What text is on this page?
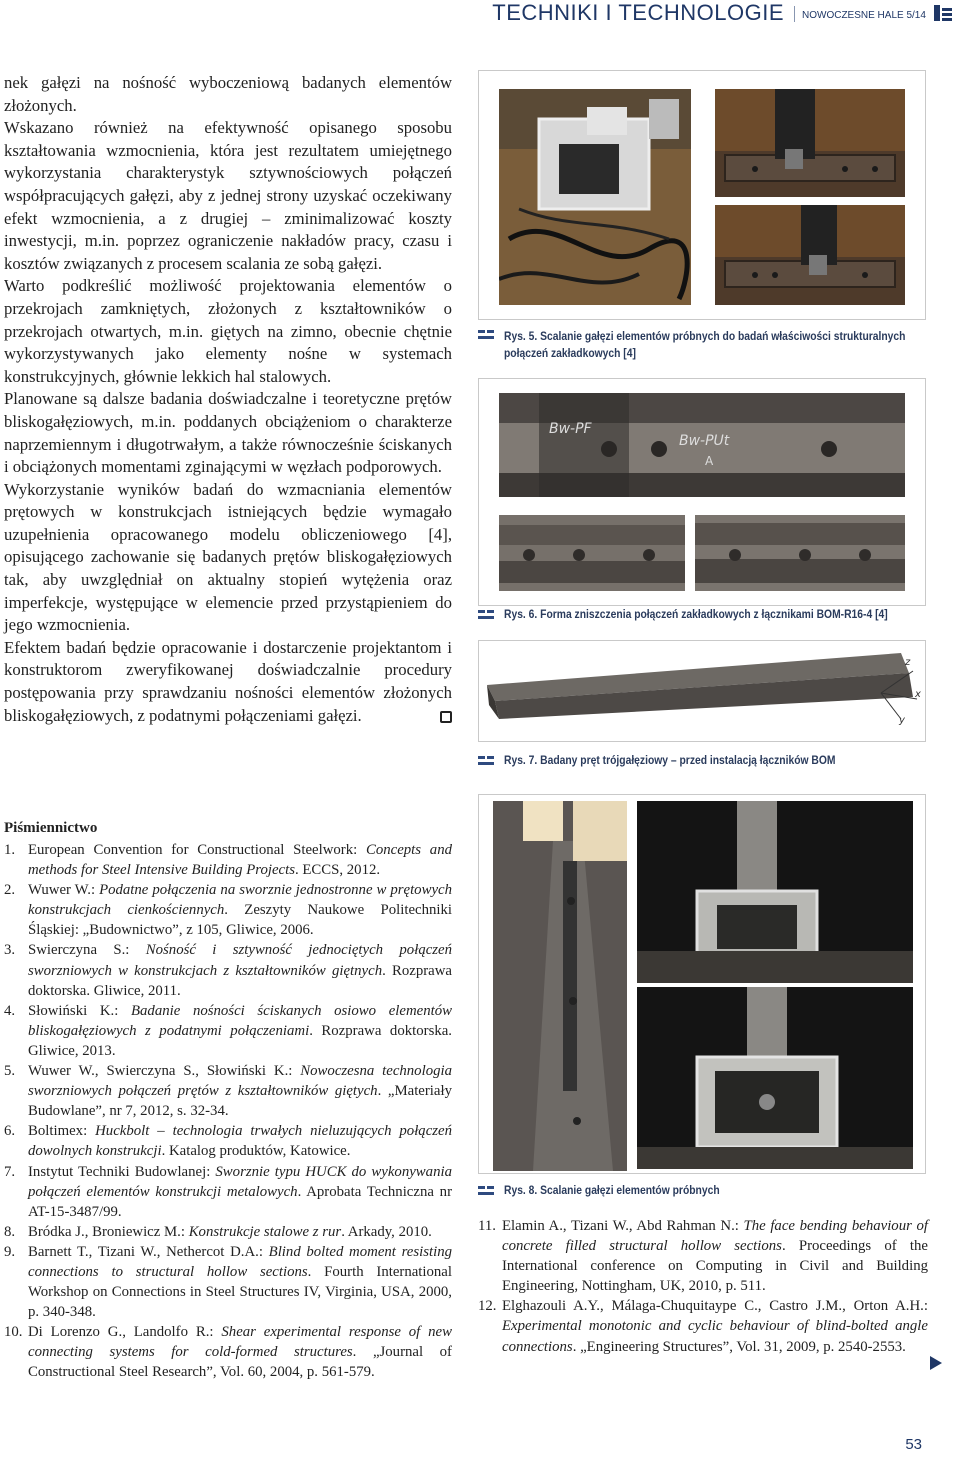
TECHNIKI I TECHNOLOGIE NOWOCZESNE HALE 5/14

nek gałęzi na nośność wyboczeniową badanych elementów złożonych.

Wskazano również na efektywność opisanego sposobu kształtowania wzmocnienia, która jest rezultatem umiejętnego wykorzystania charakterystyk sztywnościowych połączeń współpracujących gałęzi, aby z jednej strony uzyskać oczekiwany efekt wzmocnienia, a z drugiej – zminimalizować koszty inwestycji, m.in. poprzez ograniczenie nakładów pracy, czasu i kosztów związanych z procesem scalania ze sobą gałęzi.

Warto podkreślić możliwość projektowania elementów o przekrojach zamkniętych, złożonych z kształtowników o przekrojach otwartych, m.in. giętych na zimno, obecnie chętnie wykorzystywanych jako elementy nośne w systemach konstrukcyjnych, głównie lekkich hal stalowych.

Planowane są dalsze badania doświadczalne i teoretyczne prętów bliskogałęziowych, m.in. poddanych obciążeniom o charakterze naprzemiennym i długotrwałym, a także równocześnie ściskanych i obciążonych momentami zginającymi w węzłach podporowych.

Wykorzystanie wyników badań do wzmacniania elementów prętowych w konstrukcjach istniejących będzie wymagało uzupełnienia opracowanego modelu obliczeniowego [4], opisującego zachowanie się badanych prętów bliskogałęziowych tak, aby uwzględniał on aktualny stopień wytężenia oraz imperfekcje, występujące w elemencie przed przystąpieniem do jego wzmocnienia.

Efektem badań będzie opracowanie i dostarczenie projektantom i konstruktorom zweryfikowanej doświadczalnie procedury postępowania przy sprawdzaniu nośności elementów złożonych bliskogałęziowych, z podatnymi połączeniami gałęzi.

Rys. 5. Scalanie gałęzi elementów próbnych do badań właściwości strukturalnych połączeń zakładkowych [4]
Bw-PF
Bw-PUt
A
Rys. 6. Forma zniszczenia połączeń zakładkowych z łącznikami BOM-R16-4 [4]
z
x
y
Rys. 7. Badany pręt trójgałęziowy – przed instalacją łączników BOM
Rys. 8. Scalanie gałęzi elementów próbnych
Piśmiennictwo
1. European Convention for Constructional Steelwork: Concepts and methods for Steel Intensive Building Projects. ECCS, 2012.
2. Wuwer W.: Podatne połączenia na sworznie jednostronne w prętowych konstrukcjach cienkościennych. Zeszyty Naukowe Politechniki Śląskiej: „Budownictwo”, z 105, Gliwice, 2006.
3. Swierczyna S.: Nośność i sztywność jednociętych połączeń sworzniowych w konstrukcjach z kształtowników giętnych. Rozprawa doktorska. Gliwice, 2011.
4. Słowiński K.: Badanie nośności ściskanych osiowo elementów bliskogałęziowych z podatnymi połączeniami. Rozprawa doktorska. Gliwice, 2013.
5. Wuwer W., Swierczyna S., Słowiński K.: Nowoczesna technologia sworzniowych połączeń prętów z kształtowników giętych. „Materiały Budowlane”, nr 7, 2012, s. 32-34.
6. Boltimex: Huckbolt – technologia trwałych nieluzujących połączeń dowolnych konstrukcji. Katalog produktów, Katowice.
7. Instytut Techniki Budowlanej: Sworznie typu HUCK do wykonywania połączeń elementów konstrukcji metalowych. Aprobata Techniczna nr AT-15-3487/99.
8. Bródka J., Broniewicz M.: Konstrukcje stalowe z rur. Arkady, 2010.
9. Barnett T., Tizani W., Nethercot D.A.: Blind bolted moment resisting connections to structural hollow sections. Fourth International Workshop on Connections in Steel Structures IV, Virginia, USA, 2000, p. 340-348.
10. Di Lorenzo G., Landolfo R.: Shear experimental response of new connecting systems for cold-formed structures. „Journal of Constructional Steel Research”, Vol. 60, 2004, p. 561-579.
11. Elamin A., Tizani W., Abd Rahman N.: The face bending behaviour of concrete filled structural hollow sections. Proceedings of the International conference on Computing in Civil and Building Engineering, Nottingham, UK, 2010, p. 511.
12. Elghazouli A.Y., Málaga-Chuquitaype C., Castro J.M., Orton A.H.: Experimental monotonic and cyclic behaviour of blind-bolted angle connections. „Engineering Structures”, Vol. 31, 2009, p. 2540-2553.
53
